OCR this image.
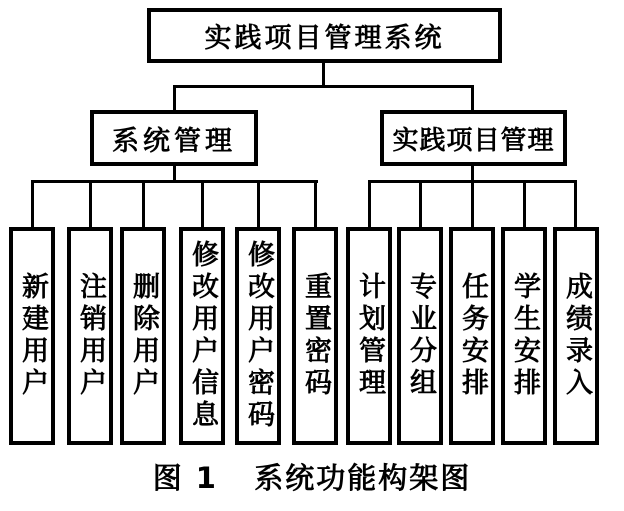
实践项目管理系统
系统管理	实践项目管理
新建用户 注销用户 删除用户 修改用户信息 修改用户密码 重置密码 计划管理 专业分组 任务安排 学生安排 成绩录入
图 1   系统功能构架图
